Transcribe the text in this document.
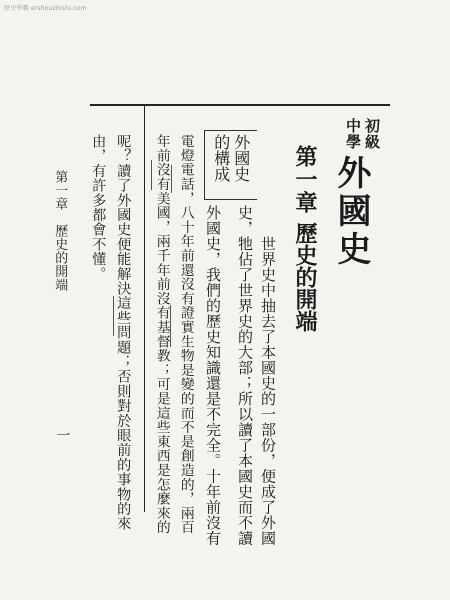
歷史學霸 ershouzhishi.com
初級
中學
外國史
第一章
歷史的開端
外國史
的構成
世界史中抽去了本國史的一部份，便成了外國
史，牠佔了世界史的大部；所以讀了本國史而不讀
外國史，我們的歷史知識還是不完全。十年前沒有
電燈電話，八十年前還沒有證實生物是變的而不是創造的，兩百
年前沒有美國，兩千年前沒有基督教；可是這些東西是怎麼來的
呢？讀了外國史便能解決這些問題；否則對於眼前的事物的來
由，有許多都會不懂。
第一章　歷史的開端
一
